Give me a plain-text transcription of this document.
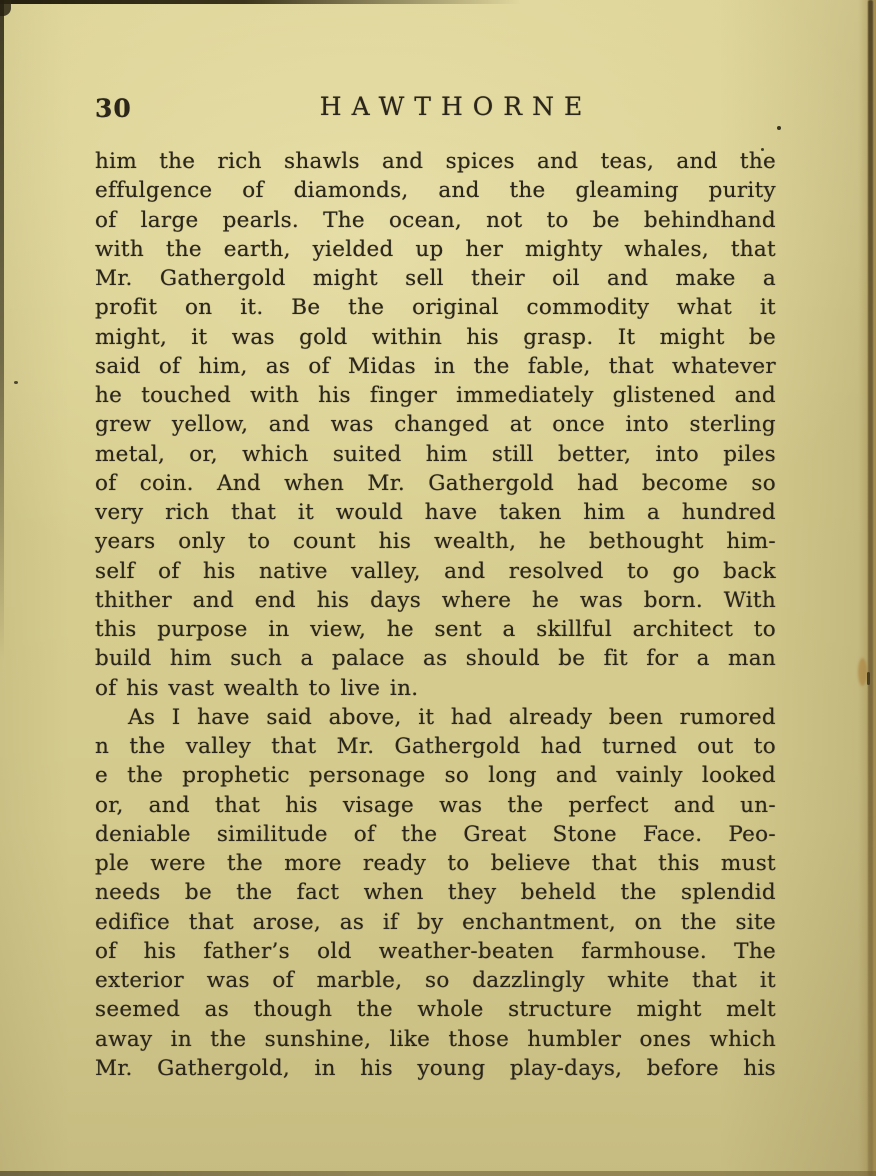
30	HAWTHORNE
him the rich shawls and spices and teas, and the
effulgence of diamonds, and the gleaming purity
of large pearls. The ocean, not to be behindhand
with the earth, yielded up her mighty whales, that
Mr. Gathergold might sell their oil and make a
profit on it. Be the original commodity what it
might, it was gold within his grasp. It might be
said of him, as of Midas in the fable, that whatever
he touched with his finger immediately glistened and
grew yellow, and was changed at once into sterling
metal, or, which suited him still better, into piles
of coin. And when Mr. Gathergold had become so
very rich that it would have taken him a hundred
years only to count his wealth, he bethought him-
self of his native valley, and resolved to go back
thither and end his days where he was born. With
this purpose in view, he sent a skillful architect to
build him such a palace as should be fit for a man
of his vast wealth to live in.
As I have said above, it had already been rumored
n the valley that Mr. Gathergold had turned out to
e the prophetic personage so long and vainly looked
or, and that his visage was the perfect and un-
deniable similitude of the Great Stone Face. Peo-
ple were the more ready to believe that this must
needs be the fact when they beheld the splendid
edifice that arose, as if by enchantment, on the site
of his father’s old weather-beaten farmhouse. The
exterior was of marble, so dazzlingly white that it
seemed as though the whole structure might melt
away in the sunshine, like those humbler ones which
Mr. Gathergold, in his young play-days, before his
